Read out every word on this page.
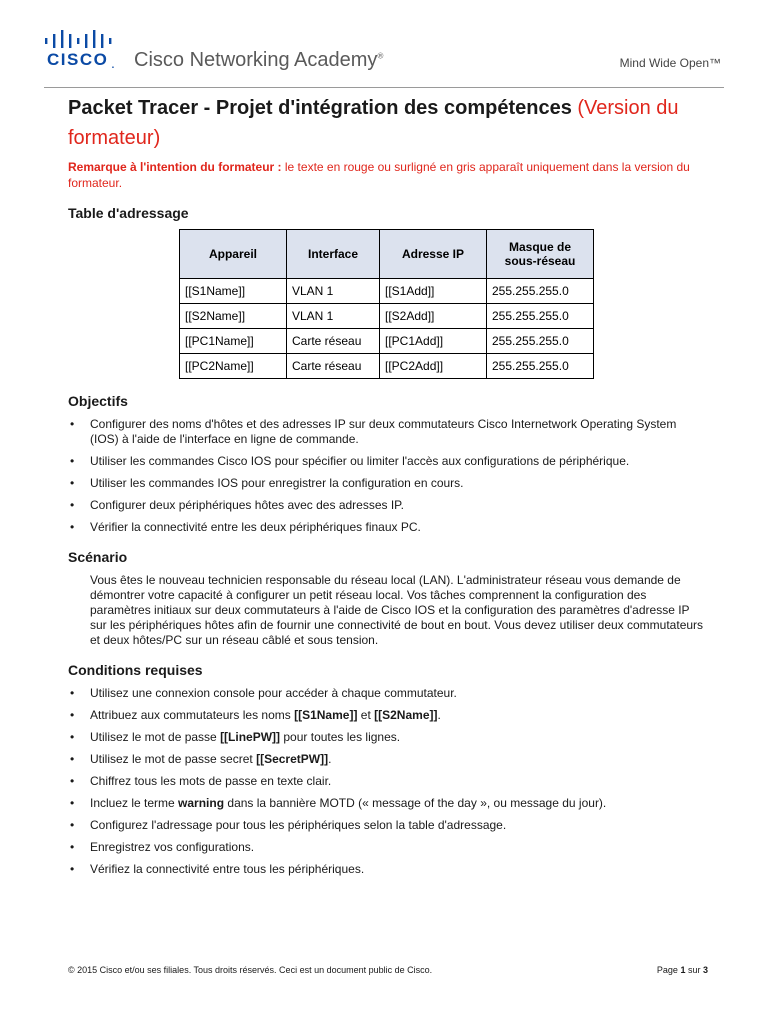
CISCO . Cisco Networking Academy®
Mind Wide Open™
Packet Tracer - Projet d'intégration des compétences (Version du formateur)
Remarque à l'intention du formateur : le texte en rouge ou surligné en gris apparaît uniquement dans la version du formateur.
Table d'adressage
Appareil	Interface	Adresse IP	Masque de sous-réseau
[[S1Name]]	VLAN 1	[[S1Add]]	255.255.255.0
[[S2Name]]	VLAN 1	[[S2Add]]	255.255.255.0
[[PC1Name]]	Carte réseau	[[PC1Add]]	255.255.255.0
[[PC2Name]]	Carte réseau	[[PC2Add]]	255.255.255.0
Objectifs
• Configurer des noms d'hôtes et des adresses IP sur deux commutateurs Cisco Internetwork Operating System (IOS) à l'aide de l'interface en ligne de commande.
• Utiliser les commandes Cisco IOS pour spécifier ou limiter l'accès aux configurations de périphérique.
• Utiliser les commandes IOS pour enregistrer la configuration en cours.
• Configurer deux périphériques hôtes avec des adresses IP.
• Vérifier la connectivité entre les deux périphériques finaux PC.
Scénario
Vous êtes le nouveau technicien responsable du réseau local (LAN). L'administrateur réseau vous demande de démontrer votre capacité à configurer un petit réseau local. Vos tâches comprennent la configuration des paramètres initiaux sur deux commutateurs à l'aide de Cisco IOS et la configuration des paramètres d'adresse IP sur les périphériques hôtes afin de fournir une connectivité de bout en bout. Vous devez utiliser deux commutateurs et deux hôtes/PC sur un réseau câblé et sous tension.
Conditions requises
• Utilisez une connexion console pour accéder à chaque commutateur.
• Attribuez aux commutateurs les noms [[S1Name]] et [[S2Name]].
• Utilisez le mot de passe [[LinePW]] pour toutes les lignes.
• Utilisez le mot de passe secret [[SecretPW]].
• Chiffrez tous les mots de passe en texte clair.
• Incluez le terme warning dans la bannière MOTD (« message of the day », ou message du jour).
• Configurez l'adressage pour tous les périphériques selon la table d'adressage.
• Enregistrez vos configurations.
• Vérifiez la connectivité entre tous les périphériques.
© 2015 Cisco et/ou ses filiales. Tous droits réservés. Ceci est un document public de Cisco.	Page 1 sur 3
